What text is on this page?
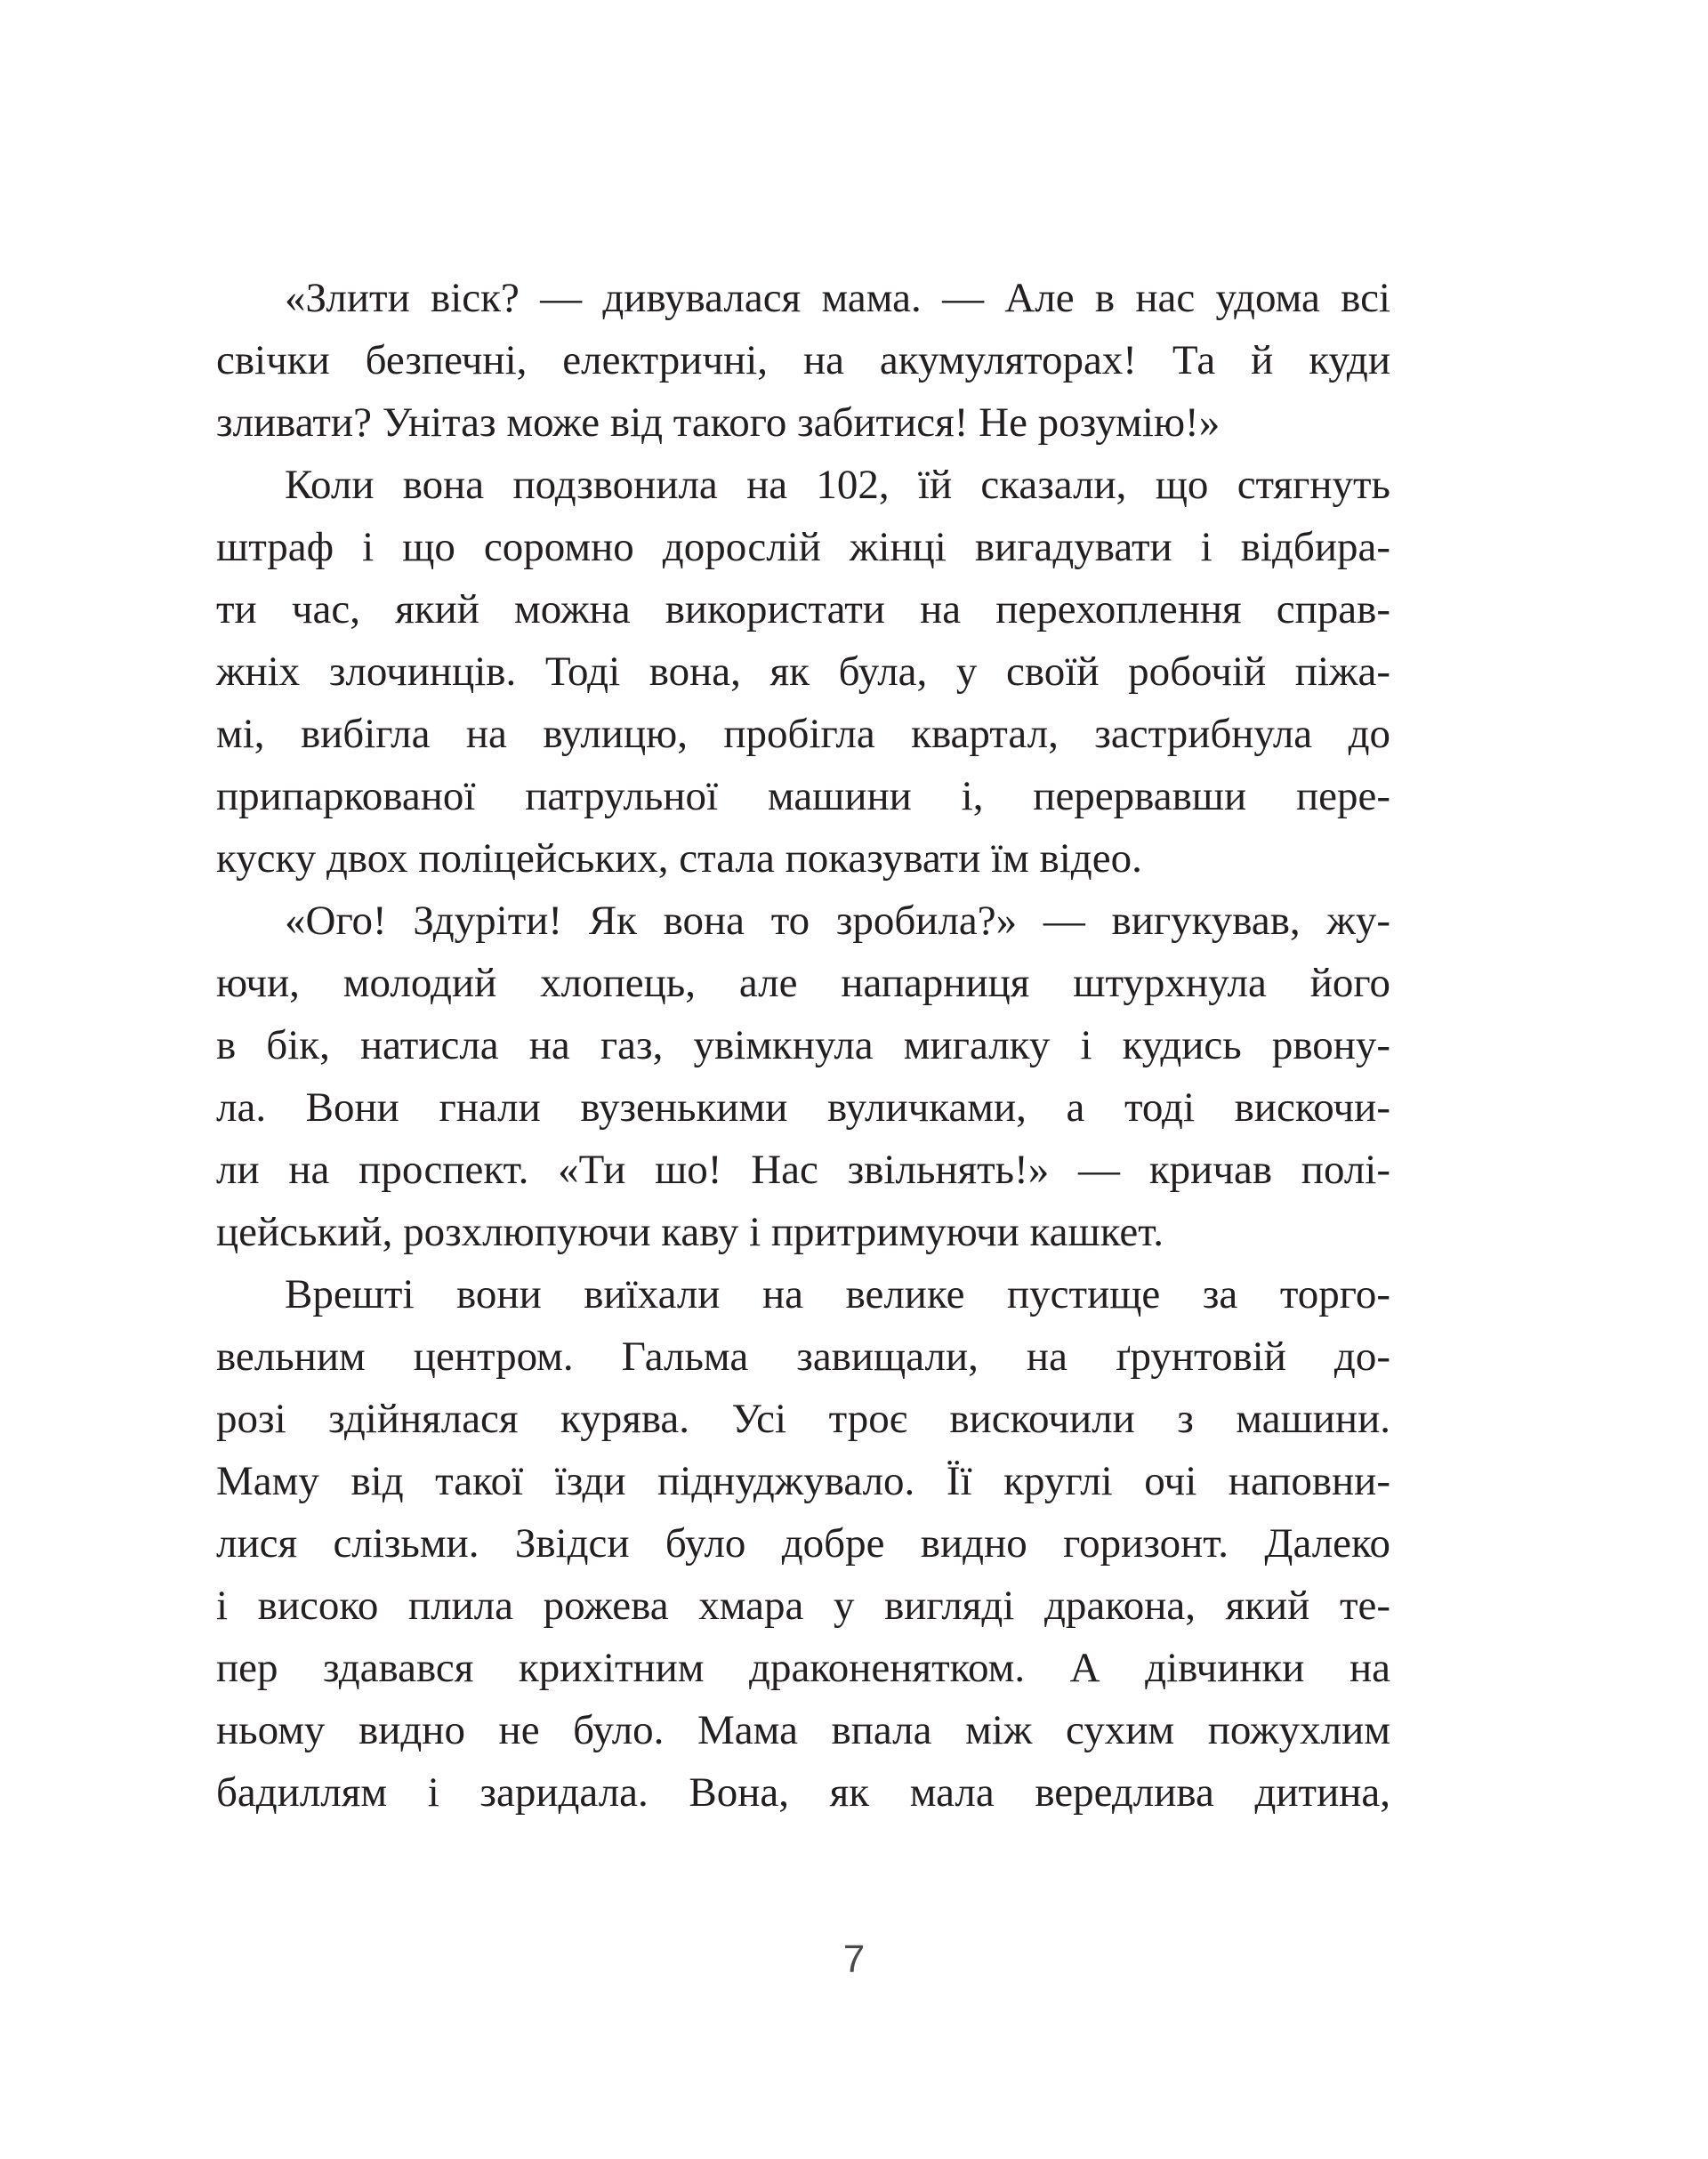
«Злити віск? — дивувалася мама. — Але в нас удома всі
свічки безпечні, електричні, на акумуляторах! Та й куди
зливати? Унітаз може від такого забитися! Не розумію!»
Коли вона подзвонила на 102, їй сказали, що стягнуть
штраф і що соромно дорослій жінці вигадувати і відбира-
ти час, який можна використати на перехоплення справ-
жніх злочинців. Тоді вона, як була, у своїй робочій піжа-
мі, вибігла на вулицю, пробігла квартал, застрибнула до
припаркованої патрульної машини і, перервавши пере-
куску двох поліцейських, стала показувати їм відео.
«Ого! Здуріти! Як вона то зробила?» — вигукував, жу-
ючи, молодий хлопець, але напарниця штурхнула його
в бік, натисла на газ, увімкнула мигалку і кудись рвону-
ла. Вони гнали вузенькими вуличками, а тоді вискочи-
ли на проспект. «Ти шо! Нас звільнять!» — кричав полі-
цейський, розхлюпуючи каву і притримуючи кашкет.
Врешті вони виїхали на велике пустище за торго-
вельним центром. Гальма завищали, на ґрунтовій до-
розі здійнялася курява. Усі троє вискочили з машини.
Маму від такої їзди піднуджувало. Її круглі очі наповни-
лися слізьми. Звідси було добре видно горизонт. Далеко
і високо плила рожева хмара у вигляді дракона, який те-
пер здавався крихітним драконенятком. А дівчинки на
ньому видно не було. Мама впала між сухим пожухлим
бадиллям і заридала. Вона, як мала вередлива дитина,
7
